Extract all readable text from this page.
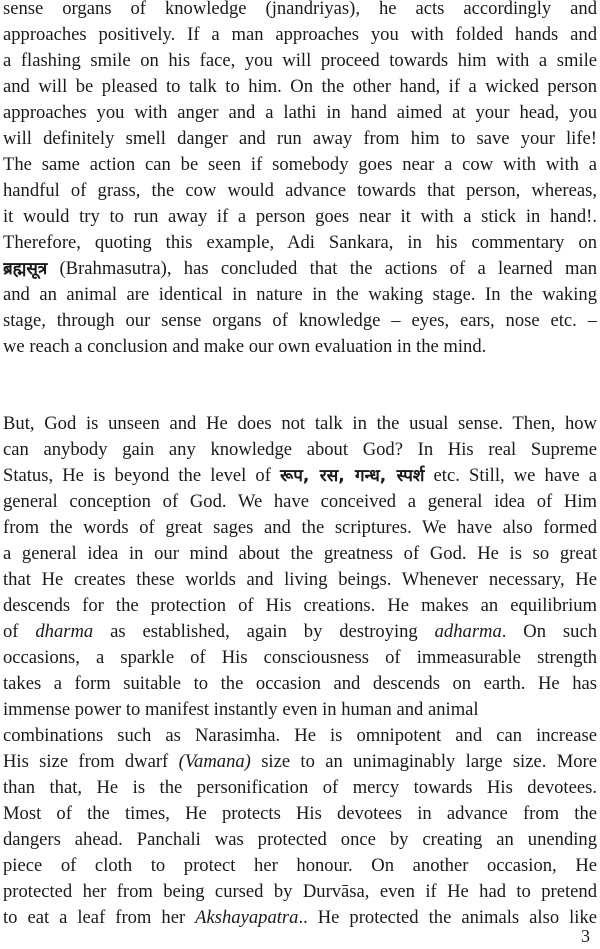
sense organs of knowledge (jnandriyas), he acts accordingly and
approaches positively. If a man approaches you with folded hands and
a flashing smile on his face, you will proceed towards him with a smile
and will be pleased to talk to him. On the other hand, if a wicked person
approaches you with anger and a lathi in hand aimed at your head, you
will definitely smell danger and run away from him to save your life!
The same action can be seen if somebody goes near a cow with with a
handful of grass, the cow would advance towards that person, whereas,
it would try to run away if a person goes near it with a stick in hand!.
Therefore, quoting this example, Adi Sankara, in his commentary on
ब्रह्मसूत्र (Brahmasutra), has concluded that the actions of a learned man
and an animal are identical in nature in the waking stage. In the waking
stage, through our sense organs of knowledge – eyes, ears, nose etc. –
we reach a conclusion and make our own evaluation in the mind.
But, God is unseen and He does not talk in the usual sense. Then, how
can anybody gain any knowledge about God? In His real Supreme
Status, He is beyond the level of रूप, रस, गन्ध, स्पर्श etc. Still, we have a
general conception of God. We have conceived a general idea of Him
from the words of great sages and the scriptures. We have also formed
a general idea in our mind about the greatness of God. He is so great
that He creates these worlds and living beings. Whenever necessary, He
descends for the protection of His creations. He makes an equilibrium
of dharma as established, again by destroying adharma. On such
occasions, a sparkle of His consciousness of immeasurable strength
takes a form suitable to the occasion and descends on earth. He has
immense power to manifest instantly even in human and animal
combinations such as Narasimha. He is omnipotent and can increase
His size from dwarf (Vamana) size to an unimaginably large size. More
than that, He is the personification of mercy towards His devotees.
Most of the times, He protects His devotees in advance from the
dangers ahead. Panchali was protected once by creating an unending
piece of cloth to protect her honour. On another occasion, He
protected her from being cursed by Durvāsa, even if He had to pretend
to eat a leaf from her Akshayapatra.. He protected the animals also like
3
